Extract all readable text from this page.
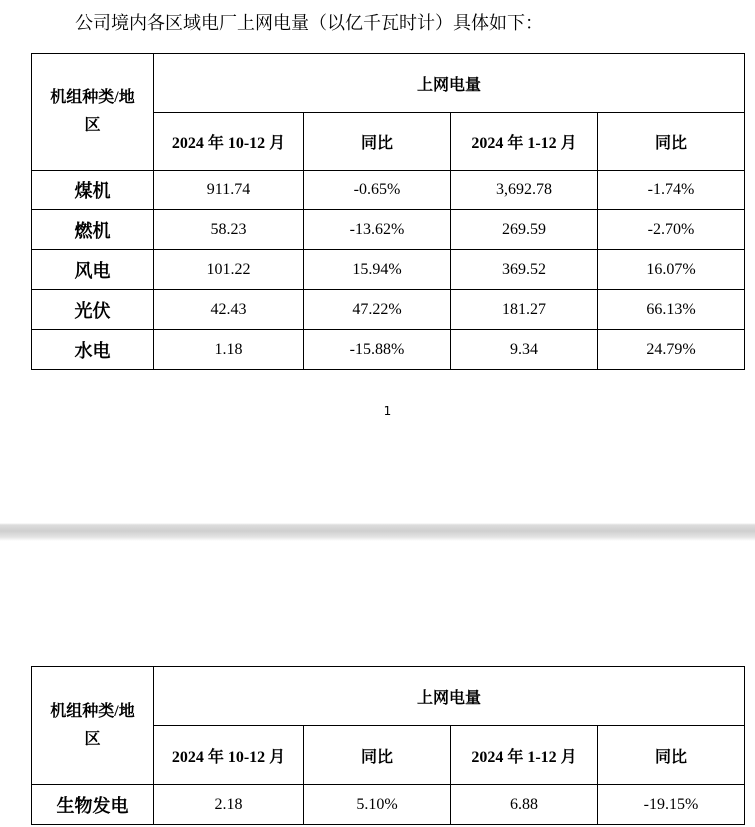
公司境内各区域电厂上网电量（以亿千瓦时计）具体如下：
机组种类/地区	上网电量			
	2024 年 10-12 月	同比	2024 年 1-12 月	同比
煤机	911.74	-0.65%	3,692.78	-1.74%
燃机	58.23	-13.62%	269.59	-2.70%
风电	101.22	15.94%	369.52	16.07%
光伏	42.43	47.22%	181.27	66.13%
水电	1.18	-15.88%	9.34	24.79%
1
机组种类/地区	上网电量			
	2024 年 10-12 月	同比	2024 年 1-12 月	同比
生物发电	2.18	5.10%	6.88	-19.15%
